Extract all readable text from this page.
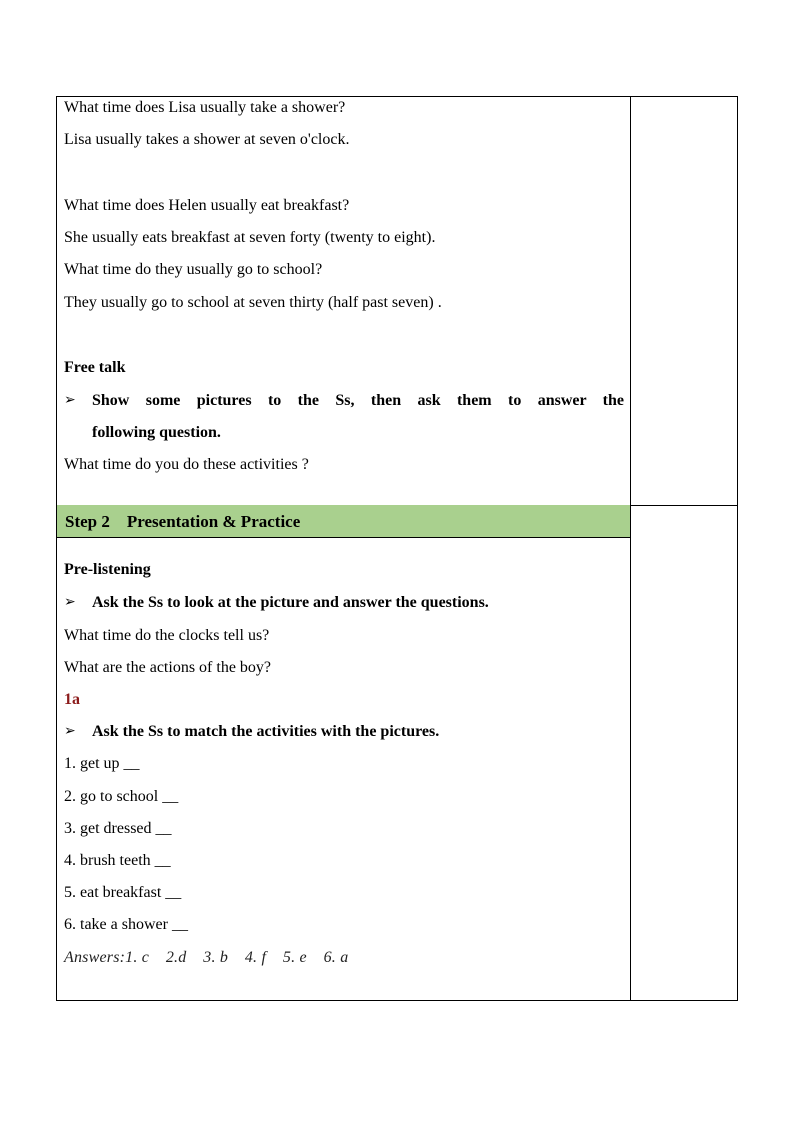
What time does Lisa usually take a shower?
Lisa usually takes a shower at seven o'clock.
What time does Helen usually eat breakfast?
She usually eats breakfast at seven forty (twenty to eight).
What time do they usually go to school?
They usually go to school at seven thirty (half past seven) .
Free talk
➢ Show some pictures to the Ss, then ask them to answer the
following question.
What time do you do these activities ?
Step 2    Presentation & Practice
Pre-listening
➢ Ask the Ss to look at the picture and answer the questions.
What time do the clocks tell us?
What are the actions of the boy?
1a
➢ Ask the Ss to match the activities with the pictures.
1. get up __
2. go to school __
3. get dressed __
4. brush teeth __
5. eat breakfast __
6. take a shower __
Answers:1. c    2.d    3. b    4. f    5. e    6. a
